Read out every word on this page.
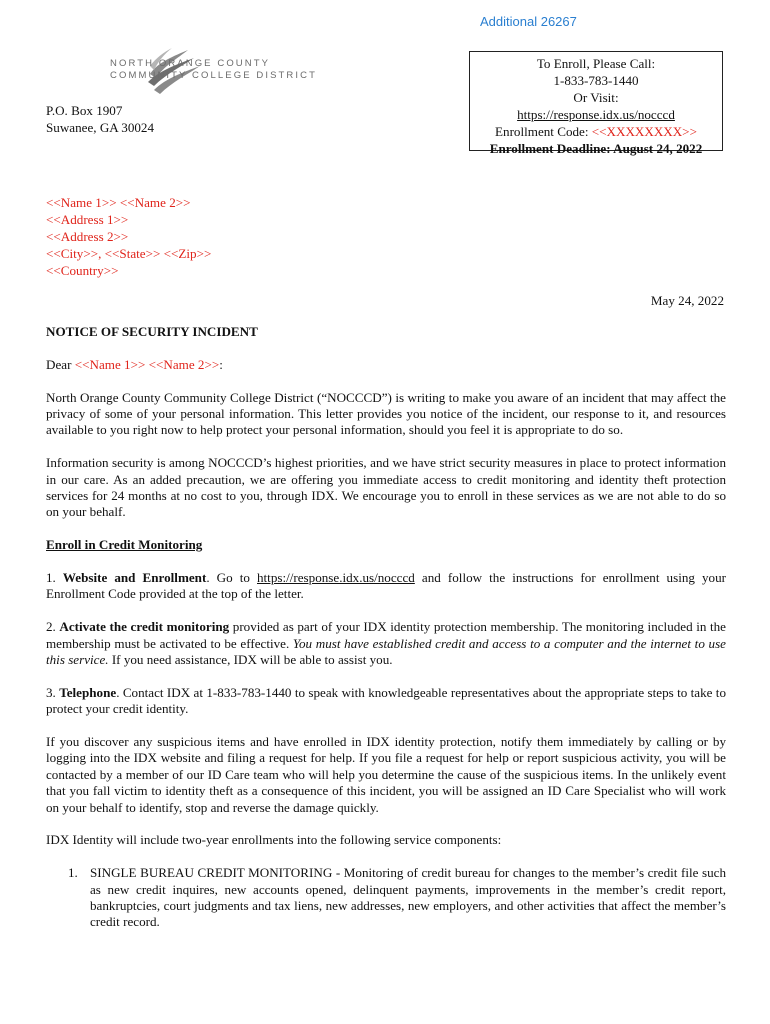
Additional 26267
NORTH ORANGE COUNTY
COMMUNITY COLLEGE DISTRICT
P.O. Box 1907
Suwanee, GA 30024
To Enroll, Please Call:
1-833-783-1440
Or Visit:
https://response.idx.us/nocccd
Enrollment Code: <<XXXXXXXX>>
Enrollment Deadline: August 24, 2022
<<Name 1>> <<Name 2>>
<<Address 1>>
<<Address 2>>
<<City>>, <<State>> <<Zip>>
<<Country>>
May 24, 2022

NOTICE OF SECURITY INCIDENT

Dear <<Name 1>> <<Name 2>>:

North Orange County Community College District (“NOCCCD”) is writing to make you aware of an incident that may affect the privacy of some of your personal information. This letter provides you notice of the incident, our response to it, and resources available to you right now to help protect your personal information, should you feel it is appropriate to do so.

Information security is among NOCCCD’s highest priorities, and we have strict security measures in place to protect information in our care. As an added precaution, we are offering you immediate access to credit monitoring and identity theft protection services for 24 months at no cost to you, through IDX. We encourage you to enroll in these services as we are not able to do so on your behalf.

Enroll in Credit Monitoring

1. Website and Enrollment. Go to https://response.idx.us/nocccd and follow the instructions for enrollment using your Enrollment Code provided at the top of the letter.

2. Activate the credit monitoring provided as part of your IDX identity protection membership. The monitoring included in the membership must be activated to be effective. You must have established credit and access to a computer and the internet to use this service. If you need assistance, IDX will be able to assist you.

3. Telephone. Contact IDX at 1-833-783-1440 to speak with knowledgeable representatives about the appropriate steps to take to protect your credit identity.

If you discover any suspicious items and have enrolled in IDX identity protection, notify them immediately by calling or by logging into the IDX website and filing a request for help. If you file a request for help or report suspicious activity, you will be contacted by a member of our ID Care team who will help you determine the cause of the suspicious items. In the unlikely event that you fall victim to identity theft as a consequence of this incident, you will be assigned an ID Care Specialist who will work on your behalf to identify, stop and reverse the damage quickly.

IDX Identity will include two-year enrollments into the following service components:

1. SINGLE BUREAU CREDIT MONITORING - Monitoring of credit bureau for changes to the member’s credit file such as new credit inquires, new accounts opened, delinquent payments, improvements in the member’s credit report, bankruptcies, court judgments and tax liens, new addresses, new employers, and other activities that affect the member’s credit record.
